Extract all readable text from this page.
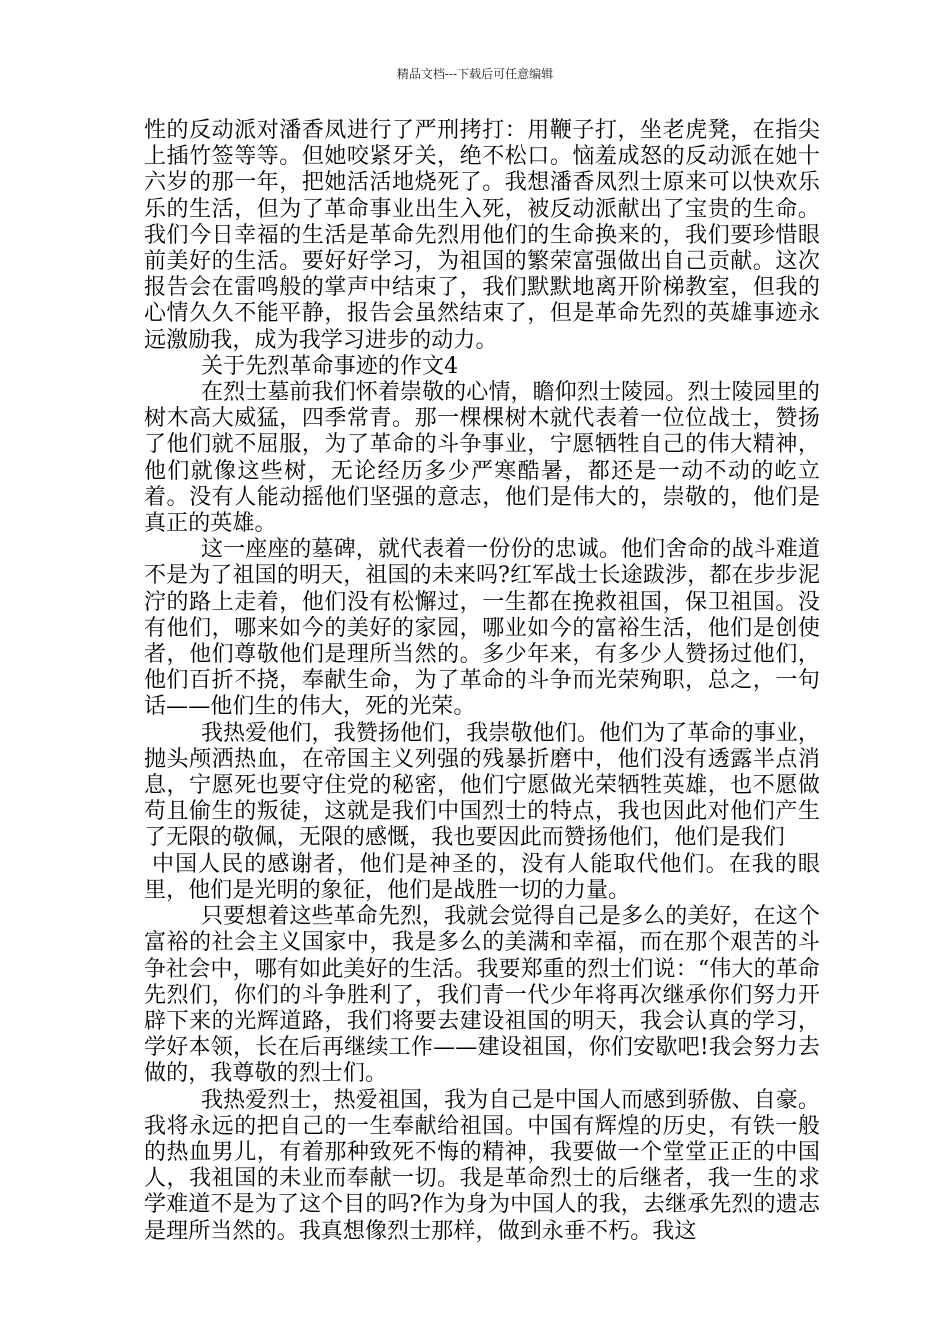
精品文档---下载后可任意编辑

性的反动派对潘香凤进行了严刑拷打：用鞭子打，坐老虎凳，在指尖上插竹签等等。但她咬紧牙关，绝不松口。恼羞成怒的反动派在她十六岁的那一年，把她活活地烧死了。我想潘香凤烈士原来可以快欢乐乐的生活，但为了革命事业出生入死，被反动派献出了宝贵的生命。我们今日幸福的生活是革命先烈用他们的生命换来的，我们要珍惜眼前美好的生活。要好好学习，为祖国的繁荣富强做出自己贡献。这次报告会在雷鸣般的掌声中结束了，我们默默地离开阶梯教室，但我的心情久久不能平静，报告会虽然结束了，但是革命先烈的英雄事迹永远激励我，成为我学习进步的动力。

关于先烈革命事迹的作文4

在烈士墓前我们怀着崇敬的心情，瞻仰烈士陵园。烈士陵园里的树木高大威猛，四季常青。那一棵棵树木就代表着一位位战士，赞扬了他们就不屈服，为了革命的斗争事业，宁愿牺牲自己的伟大精神，他们就像这些树，无论经历多少严寒酷暑，都还是一动不动的屹立着。没有人能动摇他们坚强的意志，他们是伟大的，崇敬的，他们是真正的英雄。

这一座座的墓碑，就代表着一份份的忠诚。他们舍命的战斗难道不是为了祖国的明天，祖国的未来吗?红军战士长途跋涉，都在步步泥泞的路上走着，他们没有松懈过，一生都在挽救祖国，保卫祖国。没有他们，哪来如今的美好的家园，哪业如今的富裕生活，他们是创使者，他们尊敬他们是理所当然的。多少年来，有多少人赞扬过他们，他们百折不挠，奉献生命，为了革命的斗争而光荣殉职，总之，一句话——他们生的伟大，死的光荣。

我热爱他们，我赞扬他们，我崇敬他们。他们为了革命的事业，抛头颅洒热血，在帝国主义列强的残暴折磨中，他们没有透露半点消息，宁愿死也要守住党的秘密，他们宁愿做光荣牺牲英雄，也不愿做苟且偷生的叛徒，这就是我们中国烈士的特点，我也因此对他们产生了无限的敬佩，无限的感慨，我也要因此而赞扬他们，他们是我们

中国人民的感谢者，他们是神圣的，没有人能取代他们。在我的眼里，他们是光明的象征，他们是战胜一切的力量。

只要想着这些革命先烈，我就会觉得自己是多么的美好，在这个富裕的社会主义国家中，我是多么的美满和幸福，而在那个艰苦的斗争社会中，哪有如此美好的生活。我要郑重的烈士们说：“伟大的革命先烈们，你们的斗争胜利了，我们青一代少年将再次继承你们努力开辟下来的光辉道路，我们将要去建设祖国的明天，我会认真的学习，学好本领，长在后再继续工作——建设祖国，你们安歇吧!我会努力去做的，我尊敬的烈士们。

我热爱烈士，热爱祖国，我为自己是中国人而感到骄傲、自豪。我将永远的把自己的一生奉献给祖国。中国有辉煌的历史，有铁一般的热血男儿，有着那种致死不悔的精神，我要做一个堂堂正正的中国人，我祖国的未业而奉献一切。我是革命烈士的后继者，我一生的求学难道不是为了这个目的吗?作为身为中国人的我，去继承先烈的遗志是理所当然的。我真想像烈士那样，做到永垂不朽。我这
